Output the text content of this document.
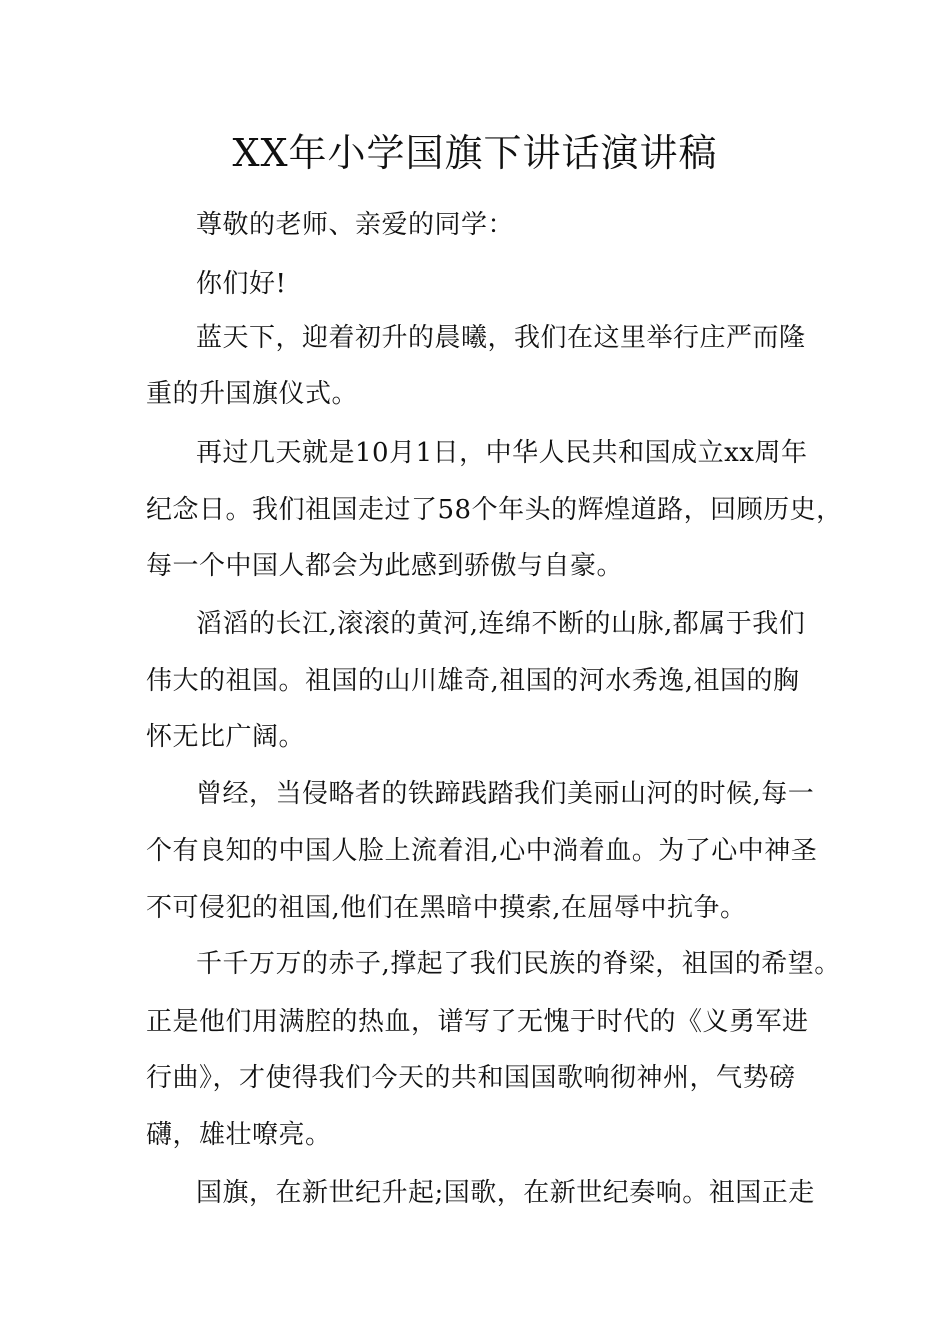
XX年小学国旗下讲话演讲稿
尊敬的老师、亲爱的同学：
你们好!
蓝天下，迎着初升的晨曦，我们在这里举行庄严而隆
重的升国旗仪式。
再过几天就是10月1日，中华人民共和国成立xx周年
纪念日。我们祖国走过了58个年头的辉煌道路，回顾历史，
每一个中国人都会为此感到骄傲与自豪。
滔滔的长江,滚滚的黄河,连绵不断的山脉,都属于我们
伟大的祖国。祖国的山川雄奇,祖国的河水秀逸,祖国的胸
怀无比广阔。
曾经，当侵略者的铁蹄践踏我们美丽山河的时候,每一
个有良知的中国人脸上流着泪,心中淌着血。为了心中神圣
不可侵犯的祖国,他们在黑暗中摸索,在屈辱中抗争。
千千万万的赤子,撑起了我们民族的脊梁，祖国的希望。
正是他们用满腔的热血，谱写了无愧于时代的《义勇军进
行曲》，才使得我们今天的共和国国歌响彻神州，气势磅
礴，雄壮嘹亮。
国旗，在新世纪升起;国歌，在新世纪奏响。祖国正走
